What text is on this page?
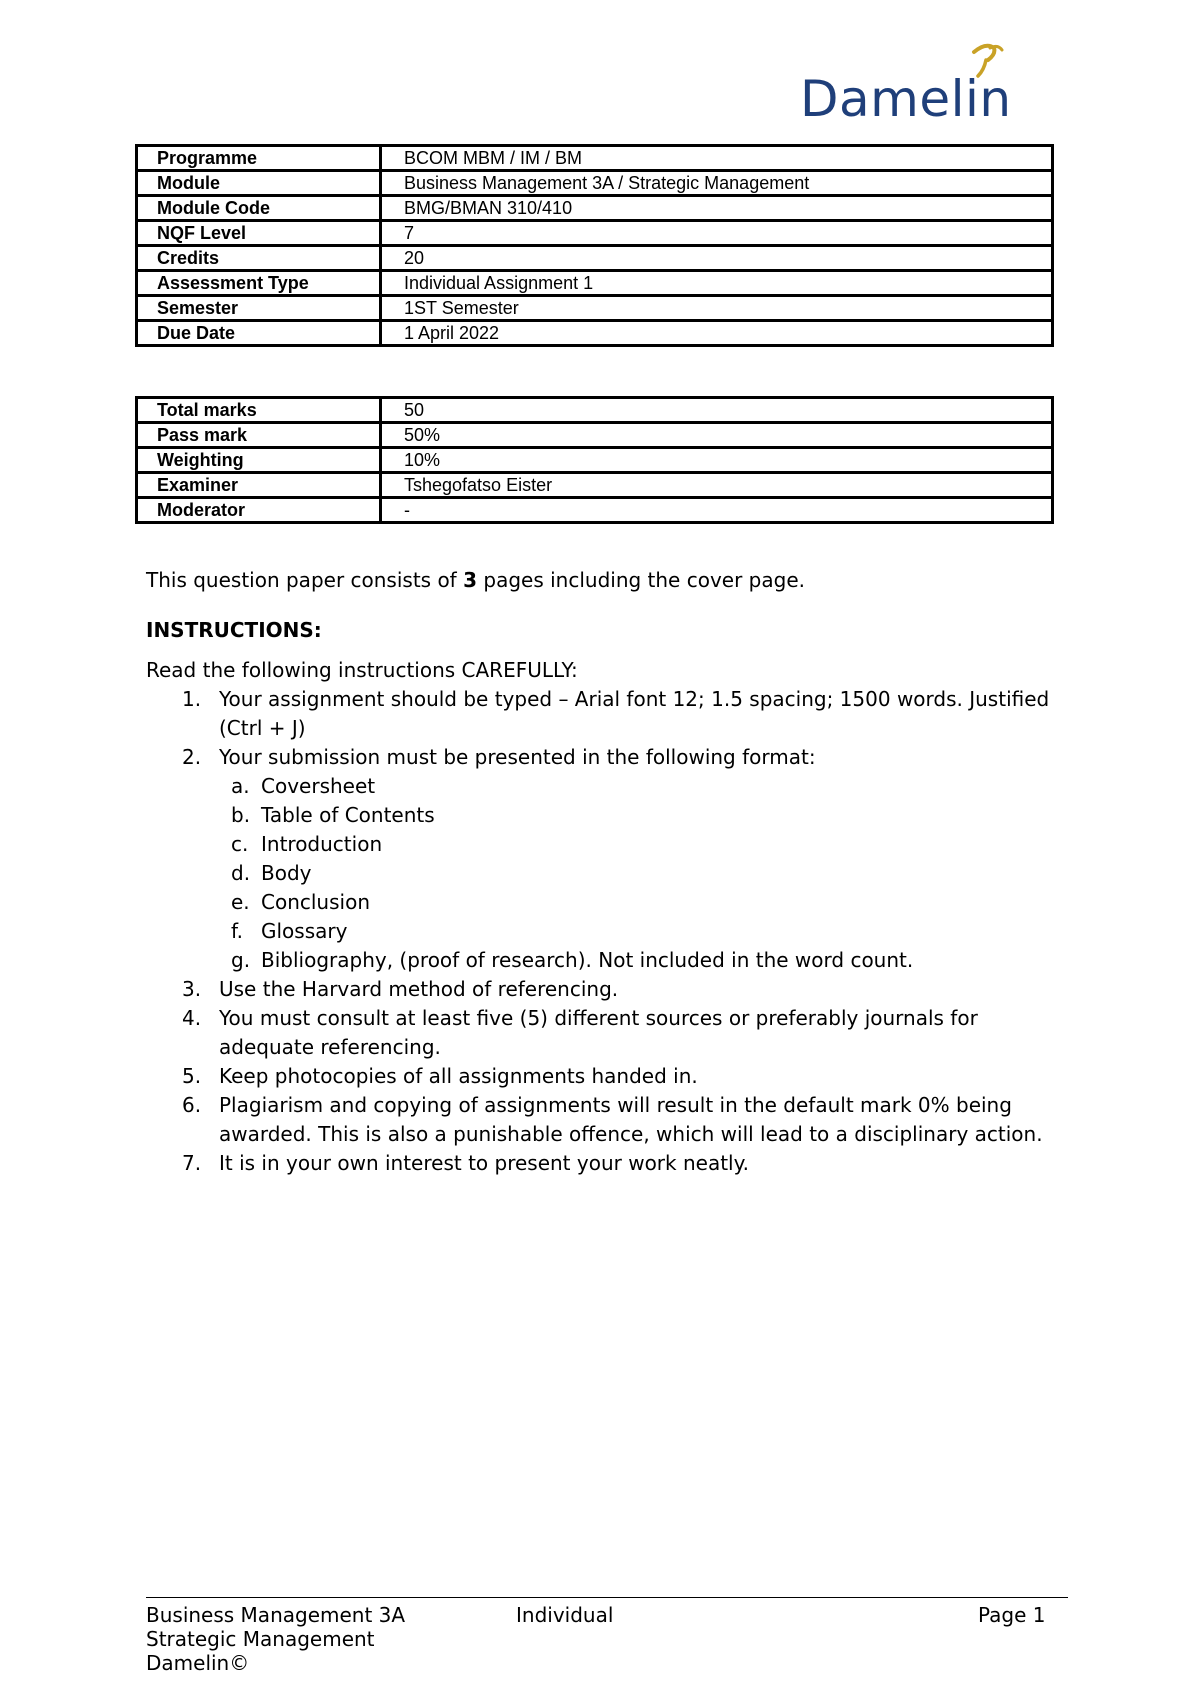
Damelin
Programme	BCOM MBM / IM / BM
Module	Business Management 3A / Strategic Management
Module Code	BMG/BMAN 310/410
NQF Level	7
Credits	20
Assessment Type	Individual Assignment 1
Semester	1ST Semester
Due Date	1 April 2022
Total marks	50
Pass mark	50%
Weighting	10%
Examiner	Tshegofatso Eister
Moderator	-
This question paper consists of 3 pages including the cover page.
INSTRUCTIONS:
Read the following instructions CAREFULLY:
1. Your assignment should be typed – Arial font 12; 1.5 spacing; 1500 words. Justified (Ctrl + J)
2. Your submission must be presented in the following format:
a. Coversheet
b. Table of Contents
c. Introduction
d. Body
e. Conclusion
f. Glossary
g. Bibliography, (proof of research). Not included in the word count.
3. Use the Harvard method of referencing.
4. You must consult at least five (5) different sources or preferably journals for adequate referencing.
5. Keep photocopies of all assignments handed in.
6. Plagiarism and copying of assignments will result in the default mark 0% being awarded. This is also a punishable offence, which will lead to a disciplinary action.
7. It is in your own interest to present your work neatly.
Business Management 3A
Strategic Management
Damelin©
Individual	Page 1
